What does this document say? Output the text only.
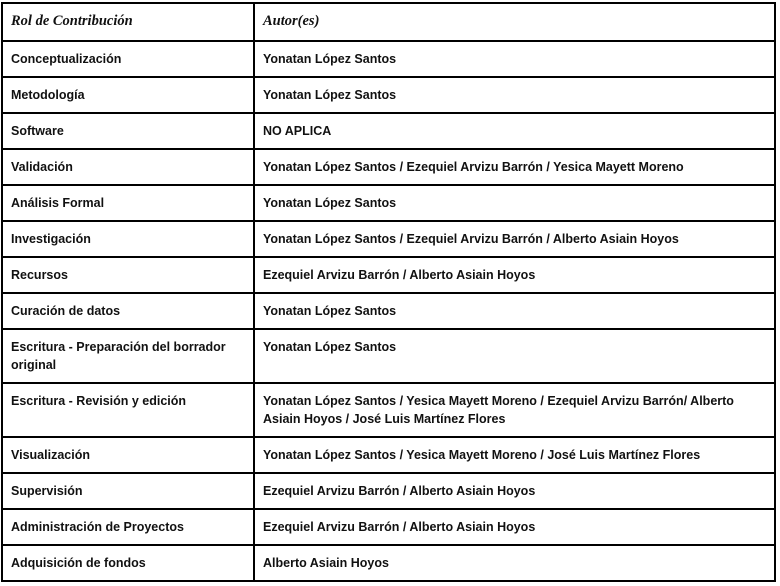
Rol de Contribución	Autor(es)
Conceptualización	Yonatan López Santos
Metodología	Yonatan López Santos
Software	NO APLICA
Validación	Yonatan López Santos / Ezequiel Arvizu Barrón / Yesica Mayett Moreno
Análisis Formal	Yonatan López Santos
Investigación	Yonatan López Santos / Ezequiel Arvizu Barrón / Alberto Asiain Hoyos
Recursos	Ezequiel Arvizu Barrón / Alberto Asiain Hoyos
Curación de datos	Yonatan López Santos
Escritura - Preparación del borrador original	Yonatan López Santos
Escritura - Revisión y edición	Yonatan López Santos / Yesica Mayett Moreno / Ezequiel Arvizu Barrón/ Alberto Asiain Hoyos / José Luis Martínez Flores
Visualización	Yonatan López Santos / Yesica Mayett Moreno / José Luis Martínez Flores
Supervisión	Ezequiel Arvizu Barrón / Alberto Asiain Hoyos
Administración de Proyectos	Ezequiel Arvizu Barrón / Alberto Asiain Hoyos
Adquisición de fondos	Alberto Asiain Hoyos
